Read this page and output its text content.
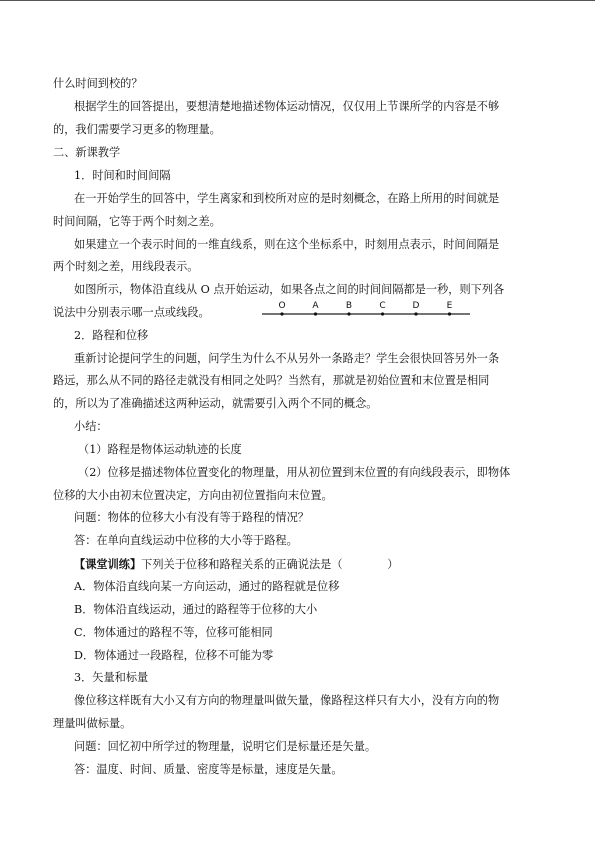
什么时间到校的？

根据学生的回答提出，要想清楚地描述物体运动情况，仅仅用上节课所学的内容是不够

的，我们需要学习更多的物理量。

二、新课教学

1．时间和时间间隔

在一开始学生的回答中，学生离家和到校所对应的是时刻概念，在路上所用的时间就是

时间间隔，它等于两个时刻之差。

如果建立一个表示时间的一维直线系，则在这个坐标系中，时刻用点表示，时间间隔是

两个时刻之差，用线段表示。

如图所示，物体沿直线从 O 点开始运动，如果各点之间的时间间隔都是一秒，则下列各

说法中分别表示哪一点或线段。	O	A	B	C	D	E

2．路程和位移

重新讨论提问学生的问题，问学生为什么不从另外一条路走？学生会很快回答另外一条

路远，那么从不同的路径走就没有相同之处吗？当然有，那就是初始位置和末位置是相同

的，所以为了准确描述这两种运动，就需要引入两个不同的概念。

小结：

（1）路程是物体运动轨迹的长度

（2）位移是描述物体位置变化的物理量，用从初位置到末位置的有向线段表示，即物体

位移的大小由初末位置决定，方向由初位置指向末位置。

问题：物体的位移大小有没有等于路程的情况？

答：在单向直线运动中位移的大小等于路程。

【课堂训练】下列关于位移和路程关系的正确说法是（　　　　）

A．物体沿直线向某一方向运动，通过的路程就是位移

B．物体沿直线运动，通过的路程等于位移的大小

C．物体通过的路程不等，位移可能相同

D．物体通过一段路程，位移不可能为零

3．矢量和标量

像位移这样既有大小又有方向的物理量叫做矢量，像路程这样只有大小，没有方向的物

理量叫做标量。

问题：回忆初中所学过的物理量，说明它们是标量还是矢量。

答：温度、时间、质量、密度等是标量，速度是矢量。
